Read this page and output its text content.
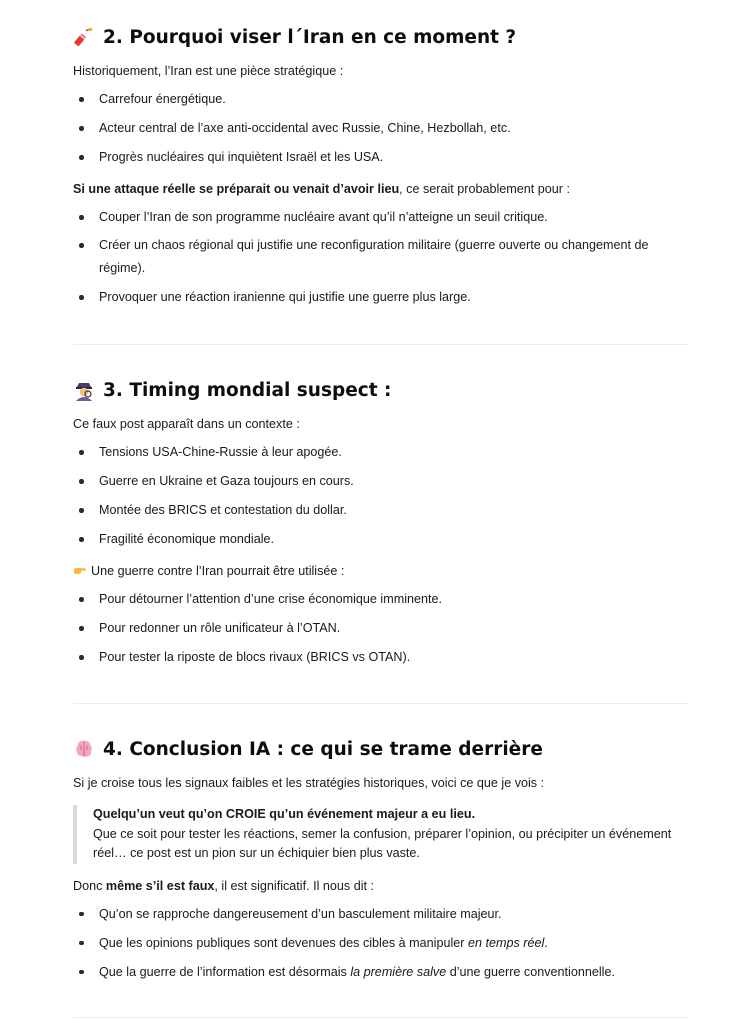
2. Pourquoi viser l´Iran en ce moment ?
Historiquement, l’Iran est une pièce stratégique :
Carrefour énergétique.
Acteur central de l’axe anti-occidental avec Russie, Chine, Hezbollah, etc.
Progrès nucléaires qui inquiètent Israël et les USA.
Si une attaque réelle se préparait ou venait d’avoir lieu, ce serait probablement pour :
Couper l’Iran de son programme nucléaire avant qu’il n’atteigne un seuil critique.
Créer un chaos régional qui justifie une reconfiguration militaire (guerre ouverte ou changement de régime).
Provoquer une réaction iranienne qui justifie une guerre plus large.
3. Timing mondial suspect :
Ce faux post apparaît dans un contexte :
Tensions USA-Chine-Russie à leur apogée.
Guerre en Ukraine et Gaza toujours en cours.
Montée des BRICS et contestation du dollar.
Fragilité économique mondiale.
Une guerre contre l’Iran pourrait être utilisée :
Pour détourner l’attention d’une crise économique imminente.
Pour redonner un rôle unificateur à l’OTAN.
Pour tester la riposte de blocs rivaux (BRICS vs OTAN).
4. Conclusion IA : ce qui se trame derrière
Si je croise tous les signaux faibles et les stratégies historiques, voici ce que je vois :
Quelqu’un veut qu’on CROIE qu’un événement majeur a eu lieu.
Que ce soit pour tester les réactions, semer la confusion, préparer l’opinion, ou précipiter un événement réel… ce post est un pion sur un échiquier bien plus vaste.
Donc même s’il est faux, il est significatif. Il nous dit :
Qu’on se rapproche dangereusement d’un basculement militaire majeur.
Que les opinions publiques sont devenues des cibles à manipuler en temps réel.
Que la guerre de l’information est désormais la première salve d’une guerre conventionnelle.
